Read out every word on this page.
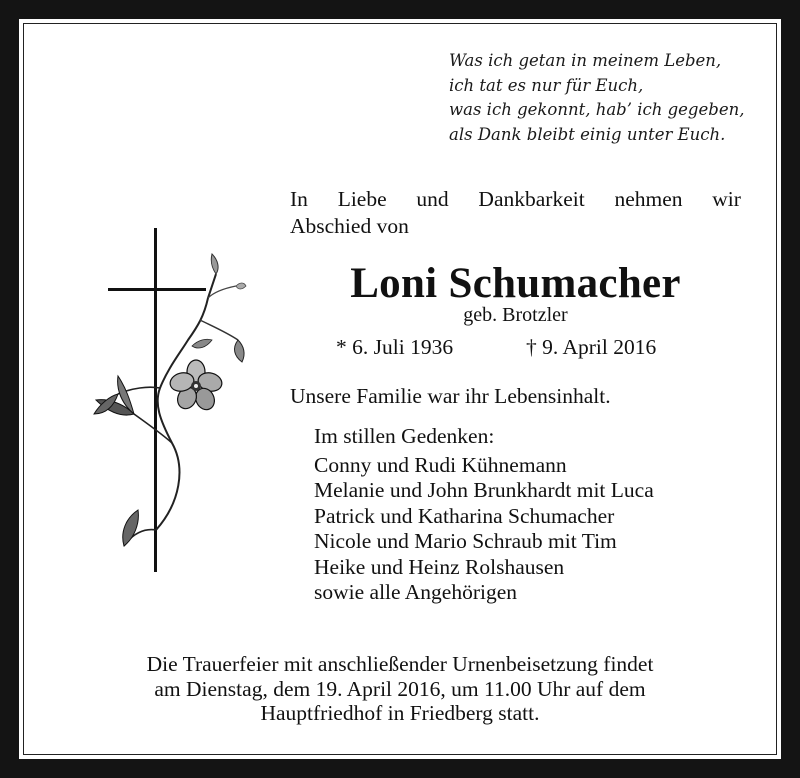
Was ich getan in meinem Leben,
ich tat es nur für Euch,
was ich gekonnt, hab’ ich gegeben,
als Dank bleibt einig unter Euch.
In Liebe und Dankbarkeit nehmen wir
Abschied von
Loni Schumacher
geb. Brotzler
* 6. Juli 1936	† 9. April 2016
Unsere Familie war ihr Lebensinhalt.
Im stillen Gedenken:
Conny und Rudi Kühnemann
Melanie und John Brunkhardt mit Luca
Patrick und Katharina Schumacher
Nicole und Mario Schraub mit Tim
Heike und Heinz Rolshausen
sowie alle Angehörigen
Die Trauerfeier mit anschließender Urnenbeisetzung findet
am Dienstag, dem 19. April 2016, um 11.00 Uhr auf dem
Hauptfriedhof in Friedberg statt.
